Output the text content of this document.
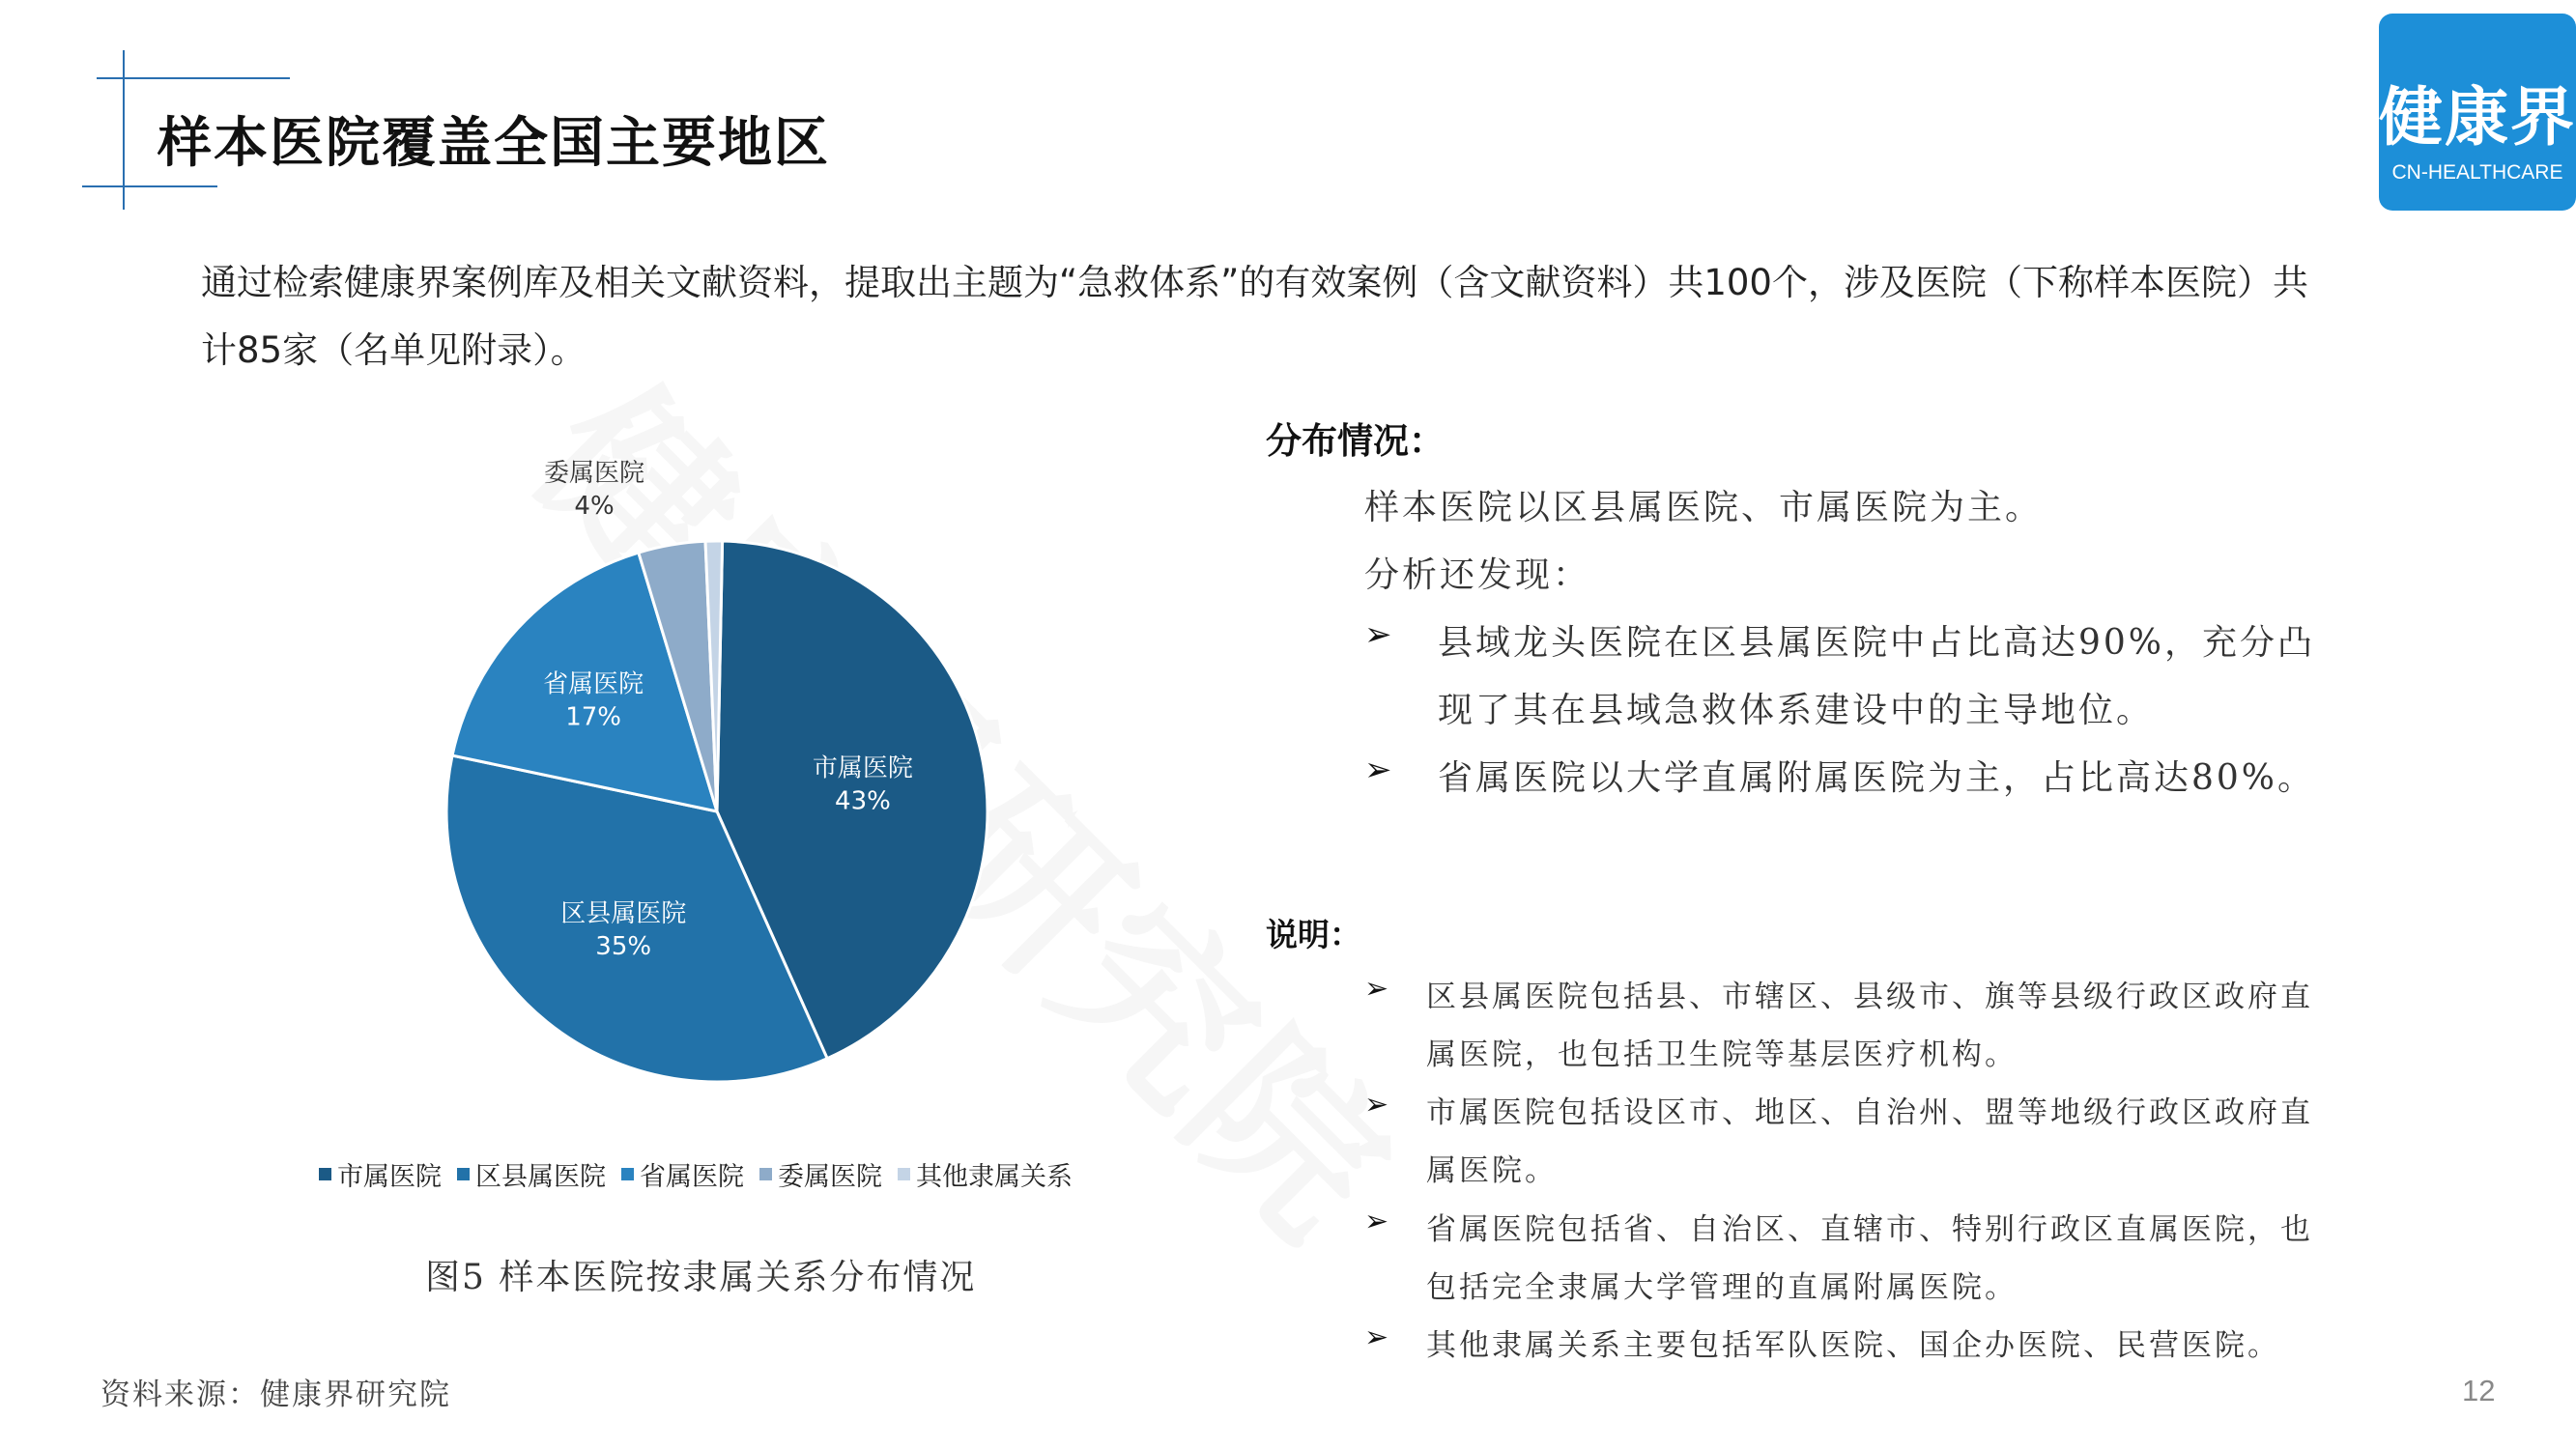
样本医院覆盖全国主要地区	健康界
CN-HEALTHCARE
通过检索健康界案例库及相关文献资料，提取出主题为“急救体系”的有效案例（含文献资料）共100个，涉及医院（下称样本医院）共计85家（名单见附录）。
市属医院
43%
区县属医院
35%
省属医院
17%
委属医院
4%
市属医院 区县属医院 省属医院 委属医院 其他隶属关系
图5 样本医院按隶属关系分布情况
分布情况：
样本医院以区县属医院、市属医院为主。
分析还发现：
➢ 县域龙头医院在区县属医院中占比高达90%，充分凸
现了其在县域急救体系建设中的主导地位。
➢ 省属医院以大学直属附属医院为主，占比高达80%。
说明：
➢ 区县属医院包括县、市辖区、县级市、旗等县级行政区政府直
属医院，也包括卫生院等基层医疗机构。
➢ 市属医院包括设区市、地区、自治州、盟等地级行政区政府直
属医院。
➢ 省属医院包括省、自治区、直辖市、特别行政区直属医院，也
包括完全隶属大学管理的直属附属医院。
➢ 其他隶属关系主要包括军队医院、国企办医院、民营医院。
资料来源：健康界研究院	12
